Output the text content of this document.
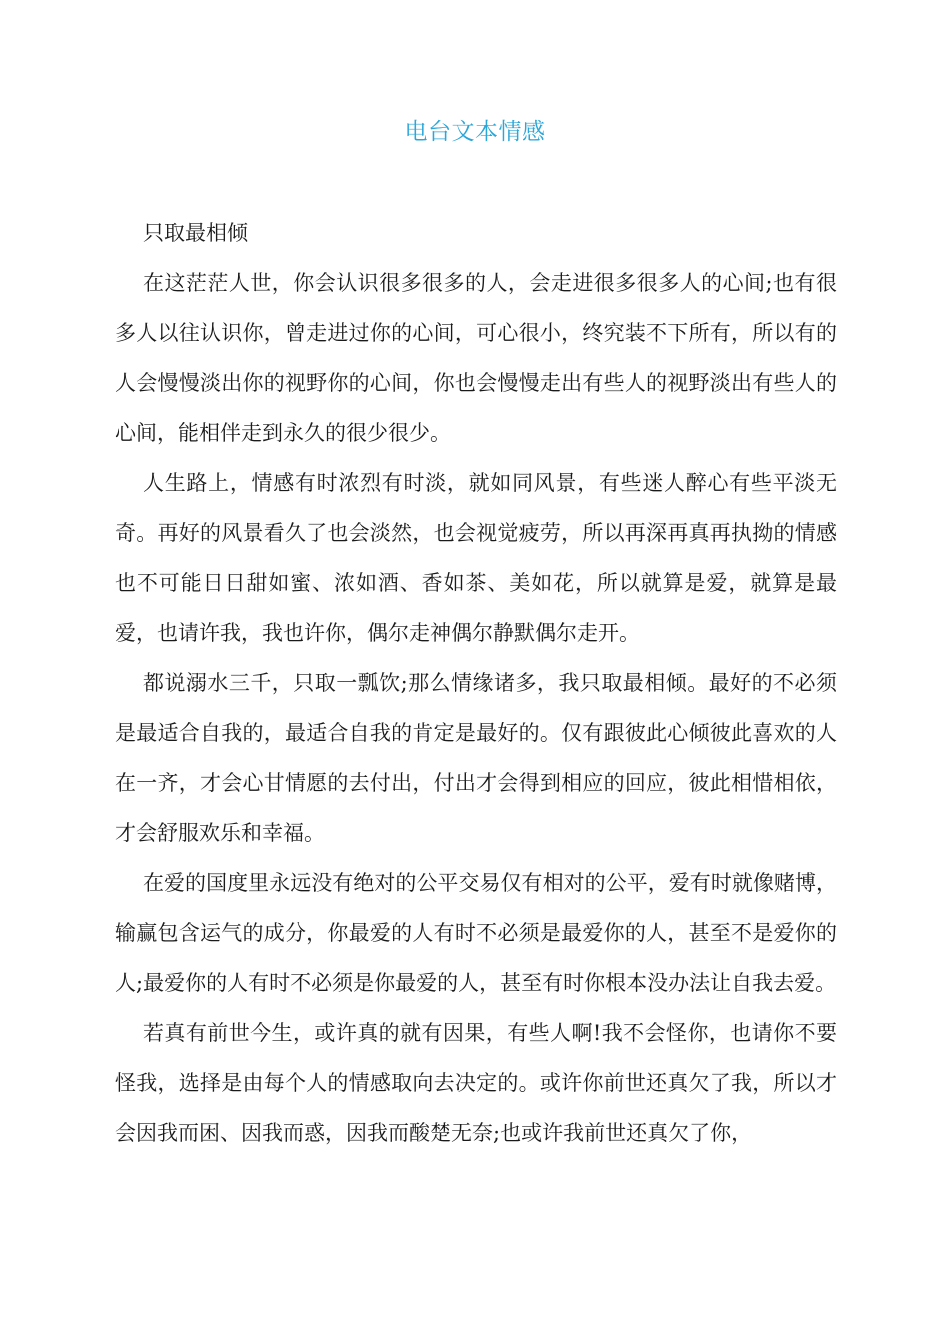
电台文本情感

只取最相倾

在这茫茫人世，你会认识很多很多的人，会走进很多很多人的心间;也有很多人以往认识你，曾走进过你的心间，可心很小，终究装不下所有，所以有的人会慢慢淡出你的视野你的心间，你也会慢慢走出有些人的视野淡出有些人的心间，能相伴走到永久的很少很少。

人生路上，情感有时浓烈有时淡，就如同风景，有些迷人醉心有些平淡无奇。再好的风景看久了也会淡然，也会视觉疲劳，所以再深再真再执拗的情感也不可能日日甜如蜜、浓如酒、香如茶、美如花，所以就算是爱，就算是最爱，也请许我，我也许你，偶尔走神偶尔静默偶尔走开。

都说溺水三千，只取一瓢饮;那么情缘诸多，我只取最相倾。最好的不必须是最适合自我的，最适合自我的肯定是最好的。仅有跟彼此心倾彼此喜欢的人在一齐，才会心甘情愿的去付出，付出才会得到相应的回应，彼此相惜相依，才会舒服欢乐和幸福。

在爱的国度里永远没有绝对的公平交易仅有相对的公平，爱有时就像赌博，输赢包含运气的成分，你最爱的人有时不必须是最爱你的人，甚至不是爱你的人;最爱你的人有时不必须是你最爱的人，甚至有时你根本没办法让自我去爱。

若真有前世今生，或许真的就有因果，有些人啊!我不会怪你，也请你不要怪我，选择是由每个人的情感取向去决定的。或许你前世还真欠了我，所以才会因我而困、因我而惑，因我而酸楚无奈;也或许我前世还真欠了你，
